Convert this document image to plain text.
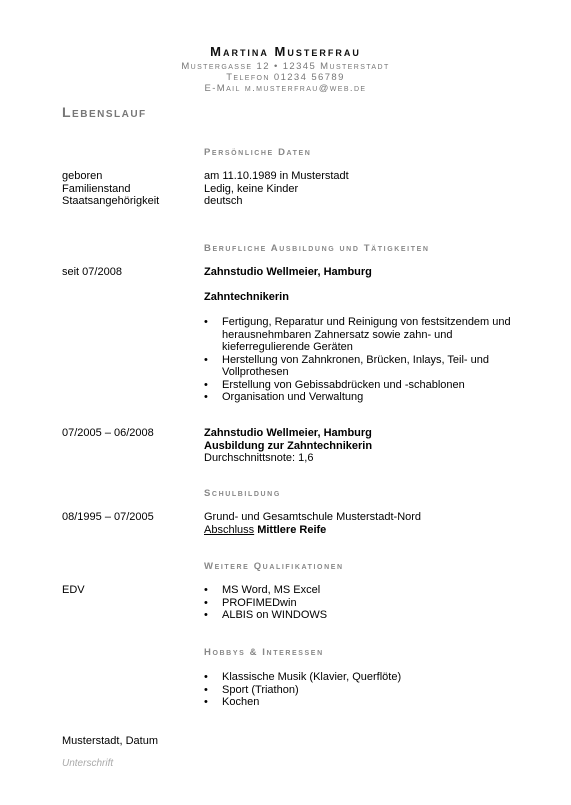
Martina Musterfrau
Mustergasse 12 • 12345 Musterstadt
Telefon 01234 56789
E-Mail m.musterfrau@web.de
Lebenslauf
Persönliche Daten
geboren
Familienstand
Staatsangehörigkeit
am 11.10.1989 in Musterstadt
Ledig, keine Kinder
deutsch
Berufliche Ausbildung und Tätigkeiten
seit 07/2008	Zahnstudio Wellmeier, Hamburg
Zahntechnikerin
• Fertigung, Reparatur und Reinigung von festsitzendem und herausnehmbaren Zahnersatz sowie zahn- und kieferregulierende Geräten
• Herstellung von Zahnkronen, Brücken, Inlays, Teil- und Vollprothesen
• Erstellung von Gebissabdrücken und -schablonen
• Organisation und Verwaltung
07/2005 – 06/2008	Zahnstudio Wellmeier, Hamburg
Ausbildung zur Zahntechnikerin
Durchschnittsnote: 1,6
Schulbildung
08/1995 – 07/2005	Grund- und Gesamtschule Musterstadt-Nord
Abschluss Mittlere Reife
Weitere Qualifikationen
EDV
•	MS Word, MS Excel
• PROFIMEDwin
• ALBIS on WINDOWS
Hobbys & Interessen
• Klassische Musik (Klavier, Querflöte)
• Sport (Triathon)
• Kochen
Musterstadt, Datum
Unterschrift
